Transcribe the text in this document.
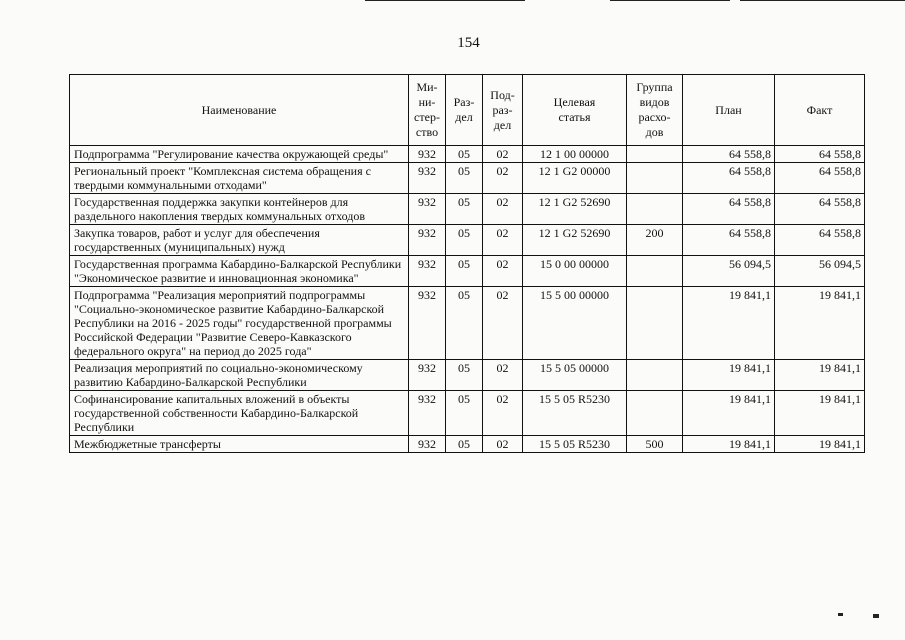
154
Наименование	Ми-
ни-
стер-
ство	Раз-
дел	Под-
раз-
дел	Целевая
статья	Группа
видов
расхо-
дов	План	Факт
Подпрограмма "Регулирование качества окружающей среды"	932	05	02	12 1 00 00000		64 558,8	64 558,8
Региональный проект "Комплексная система обращения с твердыми коммунальными отходами"	932	05	02	12 1 G2 00000		64 558,8	64 558,8
Государственная поддержка закупки контейнеров для раздельного накопления твердых коммунальных отходов	932	05	02	12 1 G2 52690		64 558,8	64 558,8
Закупка товаров, работ и услуг для обеспечения государственных (муниципальных) нужд	932	05	02	12 1 G2 52690	200	64 558,8	64 558,8
Государственная программа Кабардино-Балкарской Республики "Экономическое развитие и инновационная экономика"	932	05	02	15 0 00 00000		56 094,5	56 094,5
Подпрограмма "Реализация мероприятий подпрограммы "Социально-экономическое развитие Кабардино-Балкарской Республики на 2016 - 2025 годы" государственной программы Российской Федерации "Развитие Северо-Кавказского федерального округа" на период до 2025 года"	932	05	02	15 5 00 00000		19 841,1	19 841,1
Реализация мероприятий по социально-экономическому развитию Кабардино-Балкарской Республики	932	05	02	15 5 05 00000		19 841,1	19 841,1
Софинансирование капитальных вложений в объекты государственной собственности Кабардино-Балкарской Республики	932	05	02	15 5 05 R5230		19 841,1	19 841,1
Межбюджетные трансферты	932	05	02	15 5 05 R5230	500	19 841,1	19 841,1
